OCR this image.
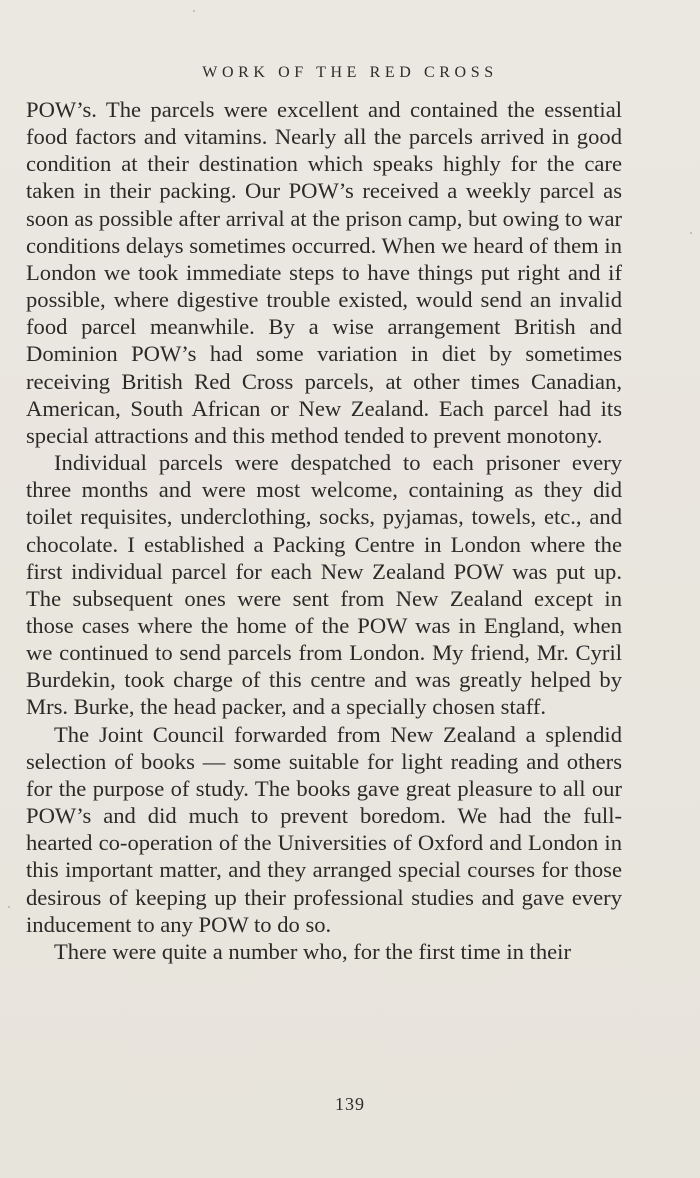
WORK OF THE RED CROSS

POW’s. The parcels were excellent and contained the essential food factors and vitamins. Nearly all the parcels arrived in good condition at their destination which speaks highly for the care taken in their packing. Our POW’s received a weekly parcel as soon as possible after arrival at the prison camp, but owing to war conditions delays sometimes occurred. When we heard of them in London we took immediate steps to have things put right and if possible, where digestive trouble existed, would send an invalid food parcel meanwhile. By a wise arrangement British and Dominion POW’s had some variation in diet by sometimes receiving British Red Cross parcels, at other times Canadian, American, South African or New Zealand. Each parcel had its special attractions and this method tended to prevent monotony.

Individual parcels were despatched to each prisoner every three months and were most welcome, containing as they did toilet requisites, underclothing, socks, pyjamas, towels, etc., and chocolate. I established a Packing Centre in London where the first individual parcel for each New Zealand POW was put up. The subsequent ones were sent from New Zealand except in those cases where the home of the POW was in England, when we continued to send parcels from London. My friend, Mr. Cyril Burdekin, took charge of this centre and was greatly helped by Mrs. Burke, the head packer, and a specially chosen staff.

The Joint Council forwarded from New Zealand a splendid selection of books — some suitable for light reading and others for the purpose of study. The books gave great pleasure to all our POW’s and did much to prevent boredom. We had the full-hearted co-operation of the Universities of Oxford and London in this important matter, and they arranged special courses for those desirous of keeping up their professional studies and gave every inducement to any POW to do so.

There were quite a number who, for the first time in their

139
